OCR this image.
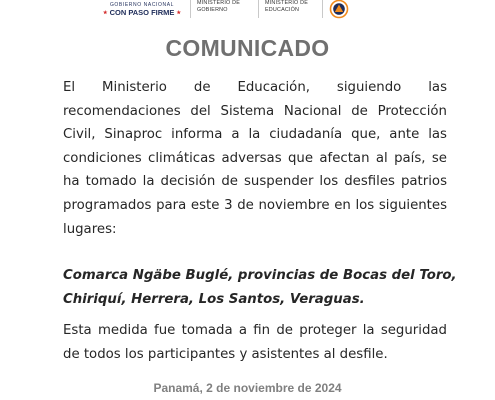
GOBIERNO NACIONAL
★ CON PASO FIRME ★
MINISTERIO DE
GOBIERNO
MINISTERIO DE
EDUCACIÓN
COMUNICADO

El Ministerio de Educación, siguiendo las
recomendaciones del Sistema Nacional de Protección
Civil, Sinaproc informa a la ciudadanía que, ante las
condiciones climáticas adversas que afectan al país, se
ha tomado la decisión de suspender los desfiles patrios
programados para este 3 de noviembre en los siguientes
lugares:

Comarca Ngäbe Buglé, provincias de Bocas del Toro,
Chiriquí, Herrera, Los Santos, Veraguas.

Esta medida fue tomada a fin de proteger la seguridad
de todos los participantes y asistentes al desfile.

Panamá, 2 de noviembre de 2024
